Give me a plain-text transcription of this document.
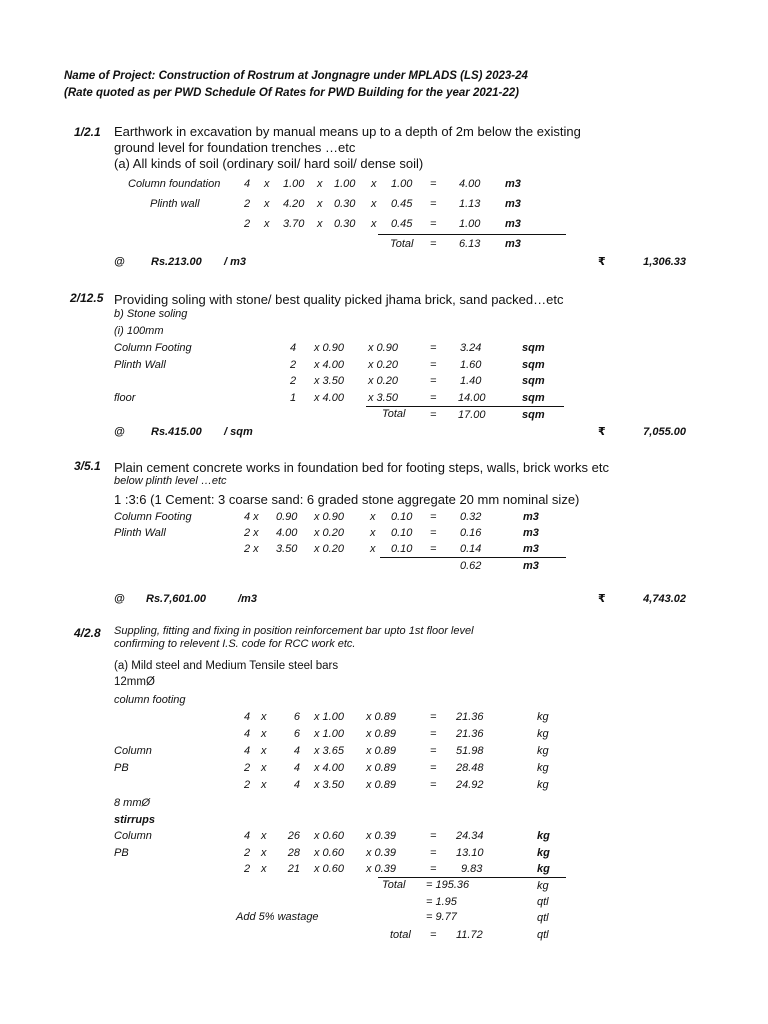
Name of Project: Construction of Rostrum at Jongnagre under MPLADS (LS) 2023-24
(Rate quoted as per PWD Schedule Of Rates for PWD Building for the year 2021-22)
1/2.1 Earthwork in excavation by manual means up to a depth of 2m below the existing
ground level for foundation trenches …etc
(a) All kinds of soil (ordinary soil/ hard soil/ dense soil)
Column foundation 4 x 1.00 x 1.00 x 1.00 = 4.00 m3
Plinth wall	2 x 4.20 x 0.30 x 0.45 = 1.13 m3
2 x 3.70 x 0.30 x 0.45 = 1.00 m3
Total = 6.13 m3
@ Rs.213.00 / m3	₹	1,306.33
2/12.5 Providing soling with stone/ best quality picked jhama brick, sand packed…etc
b) Stone soling
(i) 100mm
Column Footing	4 x 0.90 x 0.90	= 3.24	sqm
Plinth Wall	2 x 4.00 x 0.20	= 1.60	sqm
2 x 3.50 x 0.20	= 1.40	sqm
floor	1 x 4.00 x 3.50	= 14.00	sqm
Total = 17.00	sqm
@ Rs.415.00 / sqm	₹	7,055.00
3/5.1 Plain cement concrete works in foundation bed for footing steps, walls, brick works etc
below plinth level …etc
1 :3:6 (1 Cement: 3 coarse sand: 6 graded stone aggregate 20 mm nominal size)
Column Footing	4 x 0.90 x 0.90 x 0.10 = 0.32	m3
Plinth Wall	2 x 4.00 x 0.20 x 0.10 = 0.16	m3
2 x 3.50 x 0.20 x 0.10 = 0.14	m3
0.62	m3
@ Rs.7,601.00	/m3	₹	4,743.02
4/2.8 Suppling, fitting and fixing in position reinforcement bar upto 1st floor level
confirming to relevent I.S. code for RCC work etc.
(a) Mild steel and Medium Tensile steel bars
12mmØ
column footing
4 x	6 x 1.00 x 0.89	= 21.36	kg
4 x	6 x 1.00 x 0.89	= 21.36	kg
Column	4 x	4 x 3.65 x 0.89	= 51.98	kg
PB	2 x	4 x 4.00 x 0.89	= 28.48	kg
2 x	4 x 3.50 x 0.89	= 24.92	kg
8 mmØ
stirrups
Column	4 x	26 x 0.60 x 0.39	= 24.34	kg
PB	2 x	28 x 0.60 x 0.39	= 13.10	kg
2 x	21 x 0.60 x 0.39	= 9.83	kg
Total = 195.36	kg
= 1.95	qtl
Add 5% wastage	= 9.77	qtl
total = 11.72	qtl
